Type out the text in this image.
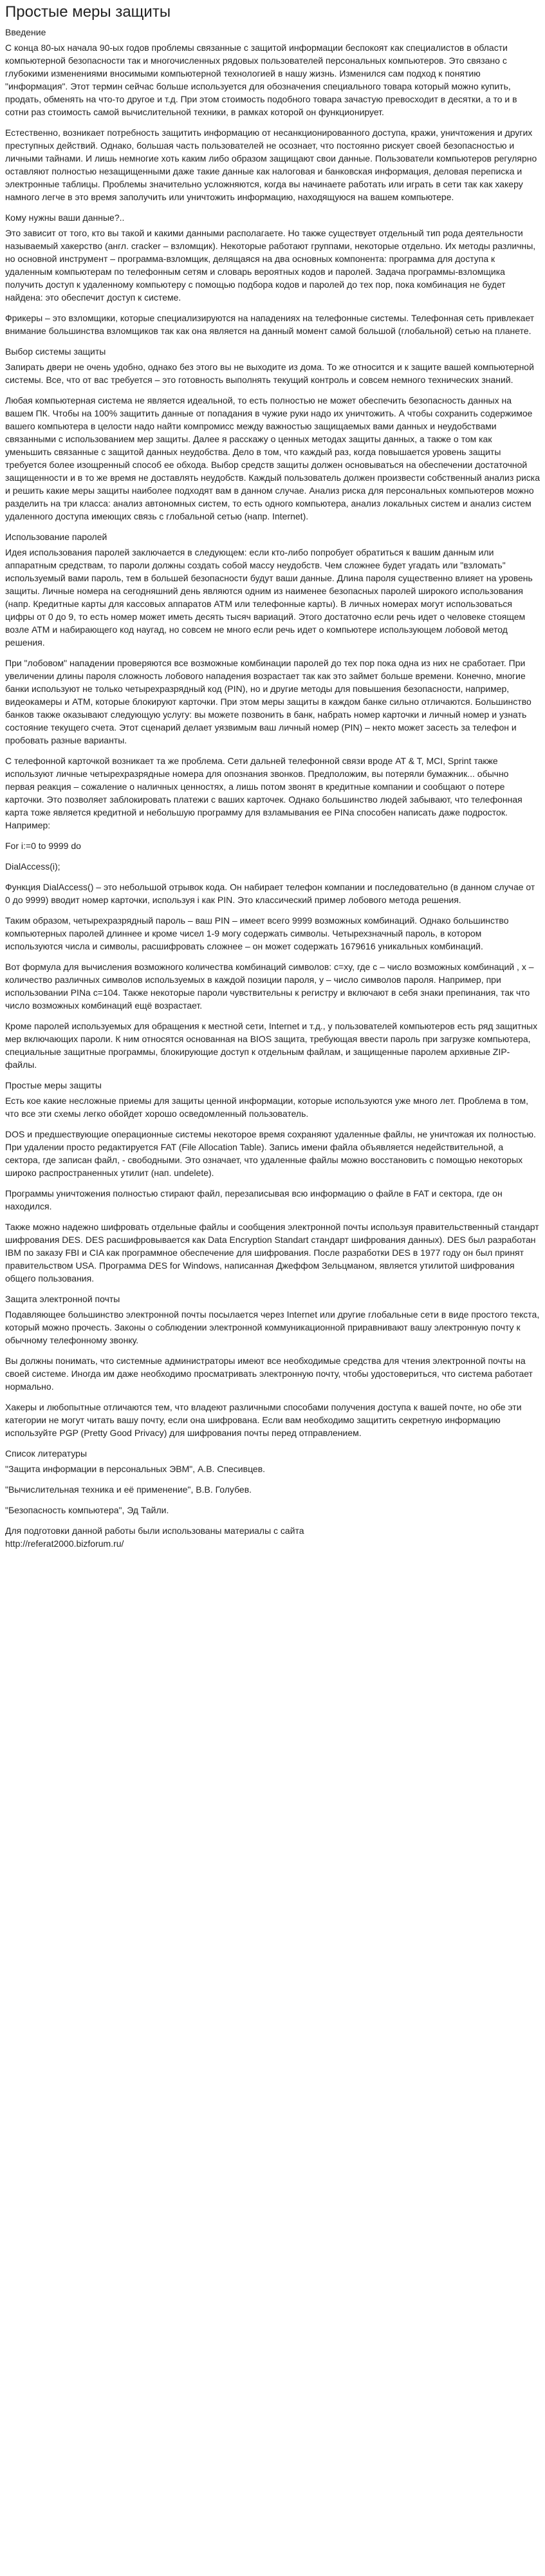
Простые меры защиты
Введение

С конца 80-ых начала 90-ых годов проблемы связанные с защитой информации беспокоят как специалистов в области компьютерной безопасности так и многочисленных рядовых пользователей персональных компьютеров. Это связано с глубокими изменениями вносимыми компьютерной технологией в нашу жизнь. Изменился сам подход к понятию "информация". Этот термин сейчас больше используется для обозначения специального товара который можно купить, продать, обменять на что-то другое и т.д. При этом стоимость подобного товара зачастую превосходит в десятки, а то и в сотни раз стоимость самой вычислительной техники, в рамках которой он функционирует.

Естественно, возникает потребность защитить информацию от несанкционированного доступа, кражи, уничтожения и других преступных действий. Однако, большая часть пользователей не осознает, что постоянно рискует своей безопасностью и личными тайнами. И лишь немногие хоть каким либо образом защищают свои данные. Пользователи компьютеров регулярно оставляют полностью незащищенными даже такие данные как налоговая и банковская информация, деловая переписка и электронные таблицы. Проблемы значительно усложняются, когда вы начинаете работать или играть в сети так как хакеру намного легче в это время заполучить или уничтожить информацию, находящуюся на вашем компьютере.

Кому нужны ваши данные?..

Это зависит от того, кто вы такой и какими данными располагаете. Но также существует отдельный тип рода деятельности называемый хакерство (англ. cracker – взломщик). Некоторые работают группами, некоторые отдельно. Их методы различны, но основной инструмент – программа-взломщик, делящаяся на два основных компонента: программа для доступа к удаленным компьютерам по телефонным сетям и словарь вероятных кодов и паролей. Задача программы-взломщика получить доступ к удаленному компьютеру с помощью подбора кодов и паролей до тех пор, пока комбинация не будет найдена: это обеспечит доступ к системе.

Фрикеры – это взломщики, которые специализируются на нападениях на телефонные системы. Телефонная сеть привлекает внимание большинства взломщиков так как она является на данный момент самой большой (глобальной) сетью на планете.

Выбор системы защиты

Запирать двери не очень удобно, однако без этого вы не выходите из дома. То же относится и к защите вашей компьютерной системы. Все, что от вас требуется – это готовность выполнять текущий контроль и совсем немного технических знаний.

Любая компьютерная система не является идеальной, то есть полностью не может обеспечить безопасность данных на вашем ПК. Чтобы на 100% защитить данные от попадания в чужие руки надо их уничтожить. А чтобы сохранить содержимое вашего компьютера в целости надо найти компромисс между важностью защищаемых вами данных и неудобствами связанными с использованием мер защиты. Далее я расскажу о ценных методах защиты данных, а также о том как уменьшить связанные с защитой данных неудобства. Дело в том, что каждый раз, когда повышается уровень защиты требуется более изощренный способ ее обхода. Выбор средств защиты должен основываться на обеспечении достаточной защищенности и в то же время не доставлять неудобств. Каждый пользователь должен произвести собственный анализ риска и решить какие меры защиты наиболее подходят вам в данном случае. Анализ риска для персональных компьютеров можно разделить на три класса: анализ автономных систем, то есть одного компьютера, анализ локальных систем и анализ систем удаленного доступа имеющих связь с глобальной сетью (напр. Internet).

Использование паролей

Идея использования паролей заключается в следующем: если кто-либо попробует обратиться к вашим данным или аппаратным средствам, то пароли должны создать собой массу неудобств. Чем сложнее будет угадать или "взломать" используемый вами пароль, тем в большей безопасности будут ваши данные. Длина пароля существенно влияет на уровень защиты. Личные номера на сегодняшний день являются одним из наименее безопасных паролей широкого использования (напр. Кредитные карты для кассовых аппаратов АТМ или телефонные карты). В личных номерах могут использоваться цифры от 0 до 9, то есть номер может иметь десять тысяч вариаций. Этого достаточно если речь идет о человеке стоящем возле АТМ и набирающего код наугад, но совсем не много если речь идет о компьютере использующем лобовой метод решения.

При "лобовом" нападении проверяются все возможные комбинации паролей до тех пор пока одна из них не сработает. При увеличении длины пароля сложность лобового нападения возрастает так как это займет больше времени. Конечно, многие банки используют не только четырехразрядный код (PIN), но и другие методы для повышения безопасности, например, видеокамеры и АТМ, которые блокируют карточки. При этом меры защиты в каждом банке сильно отличаются. Большинство банков также оказывают следующую услугу: вы можете позвонить в банк, набрать номер карточки и личный номер и узнать состояние текущего счета. Этот сценарий делает уязвимым ваш личный номер (PIN) – некто может засесть за телефон и пробовать разные варианты.

С телефонной карточкой возникает та же проблема. Сети дальней телефонной связи вроде AT & T, MCI, Sprint также используют личные четырехразрядные номера для опознания звонков. Предположим, вы потеряли бумажник... обычно первая реакция – сожаление о наличных ценностях, а лишь потом звонят в кредитные компании и сообщают о потере карточки. Это позволяет заблокировать платежи с ваших карточек. Однако большинство людей забывают, что телефонная карта тоже является кредитной и небольшую программу для взламывания ее PINа способен написать даже подросток. Например:

For i:=0 to 9999 do

DialAccess(i);

Функция DialAccess() – это небольшой отрывок кода. Он набирает телефон компании и последовательно (в данном случае от 0 до 9999) вводит номер карточки, используя i как PIN. Это классический пример лобового метода решения.

Таким образом, четырехразрядный пароль – ваш PIN – имеет всего 9999 возможных комбинаций. Однако большинство компьютерных паролей длиннее и кроме чисел 1-9 могу содержать символы. Четырехзначный пароль, в котором используются числа и символы, расшифровать сложнее – он может содержать 1679616 уникальных комбинаций.

Вот формула для вычисления возможного количества комбинаций символов: c=xy, где с – число возможных комбинаций , x – количество различных символов используемых в каждой позиции пароля, y – число символов пароля. Например, при использовании PINа c=104. Также некоторые пароли чувствительны к регистру и включают в себя знаки препинания, так что число возможных комбинаций ещё возрастает.

Кроме паролей используемых для обращения к местной сети, Internet и т.д., у пользователей компьютеров есть ряд защитных мер включающих пароли. К ним относятся основанная на BIOS защита, требующая ввести пароль при загрузке компьютера, специальные защитные программы, блокирующие доступ к отдельным файлам, и защищенные паролем архивные ZIP-файлы.

Простые меры защиты

Есть кое какие несложные приемы для защиты ценной информации, которые используются уже много лет. Проблема в том, что все эти схемы легко обойдет хорошо осведомленный пользователь.

DOS и предшествующие операционные системы некоторое время сохраняют удаленные файлы, не уничтожая их полностью. При удалении просто редактируется FAT (File Allocation Table). Запись имени файла объявляется недействительной, а сектора, где записан файл, - свободными. Это означает, что удаленные файлы можно восстановить с помощью некоторых широко распространенных утилит (нап. undelete).

Программы уничтожения полностью стирают файл, перезаписывая всю информацию о файле в FAT и сектора, где он находился.

Также можно надежно шифровать отдельные файлы и сообщения электронной почты используя правительственный стандарт шифрования DES. DES расшифровывается как Data Encryption Standart стандарт шифрования данных). DES был разработан IBM по заказу FBI и CIA как программное обеспечение для шифрования. После разработки DES в 1977 году он был принят правительством USA. Программа DES for Windows, написанная Джеффом Зельцманом, является утилитой шифрования общего пользования.

Защита электронной почты

Подавляющее большинство электронной почты посылается через Internet или другие глобальные сети в виде простого текста, который можно прочесть. Законы о соблюдении электронной коммуникационной приравнивают вашу электронную почту к обычному телефонному звонку.

Вы должны понимать, что системные администраторы имеют все необходимые средства для чтения электронной почты на своей системе. Иногда им даже необходимо просматривать электронную почту, чтобы удостовериться, что система работает нормально.

Хакеры и любопытные отличаются тем, что владеют различными способами получения доступа к вашей почте, но обе эти категории не могут читать вашу почту, если она шифрована. Если вам необходимо защитить секретную информацию используйте PGP (Pretty Good Privacy) для шифрования почты перед отправлением.

Список литературы

"Защита информации в персональных ЭВМ", А.В. Спесивцев.

"Вычислительная техника и её применение", В.В. Голубев.

"Безопасность компьютера", Эд Тайли.

Для подготовки данной работы были использованы материалы с сайта
http://referat2000.bizforum.ru/
